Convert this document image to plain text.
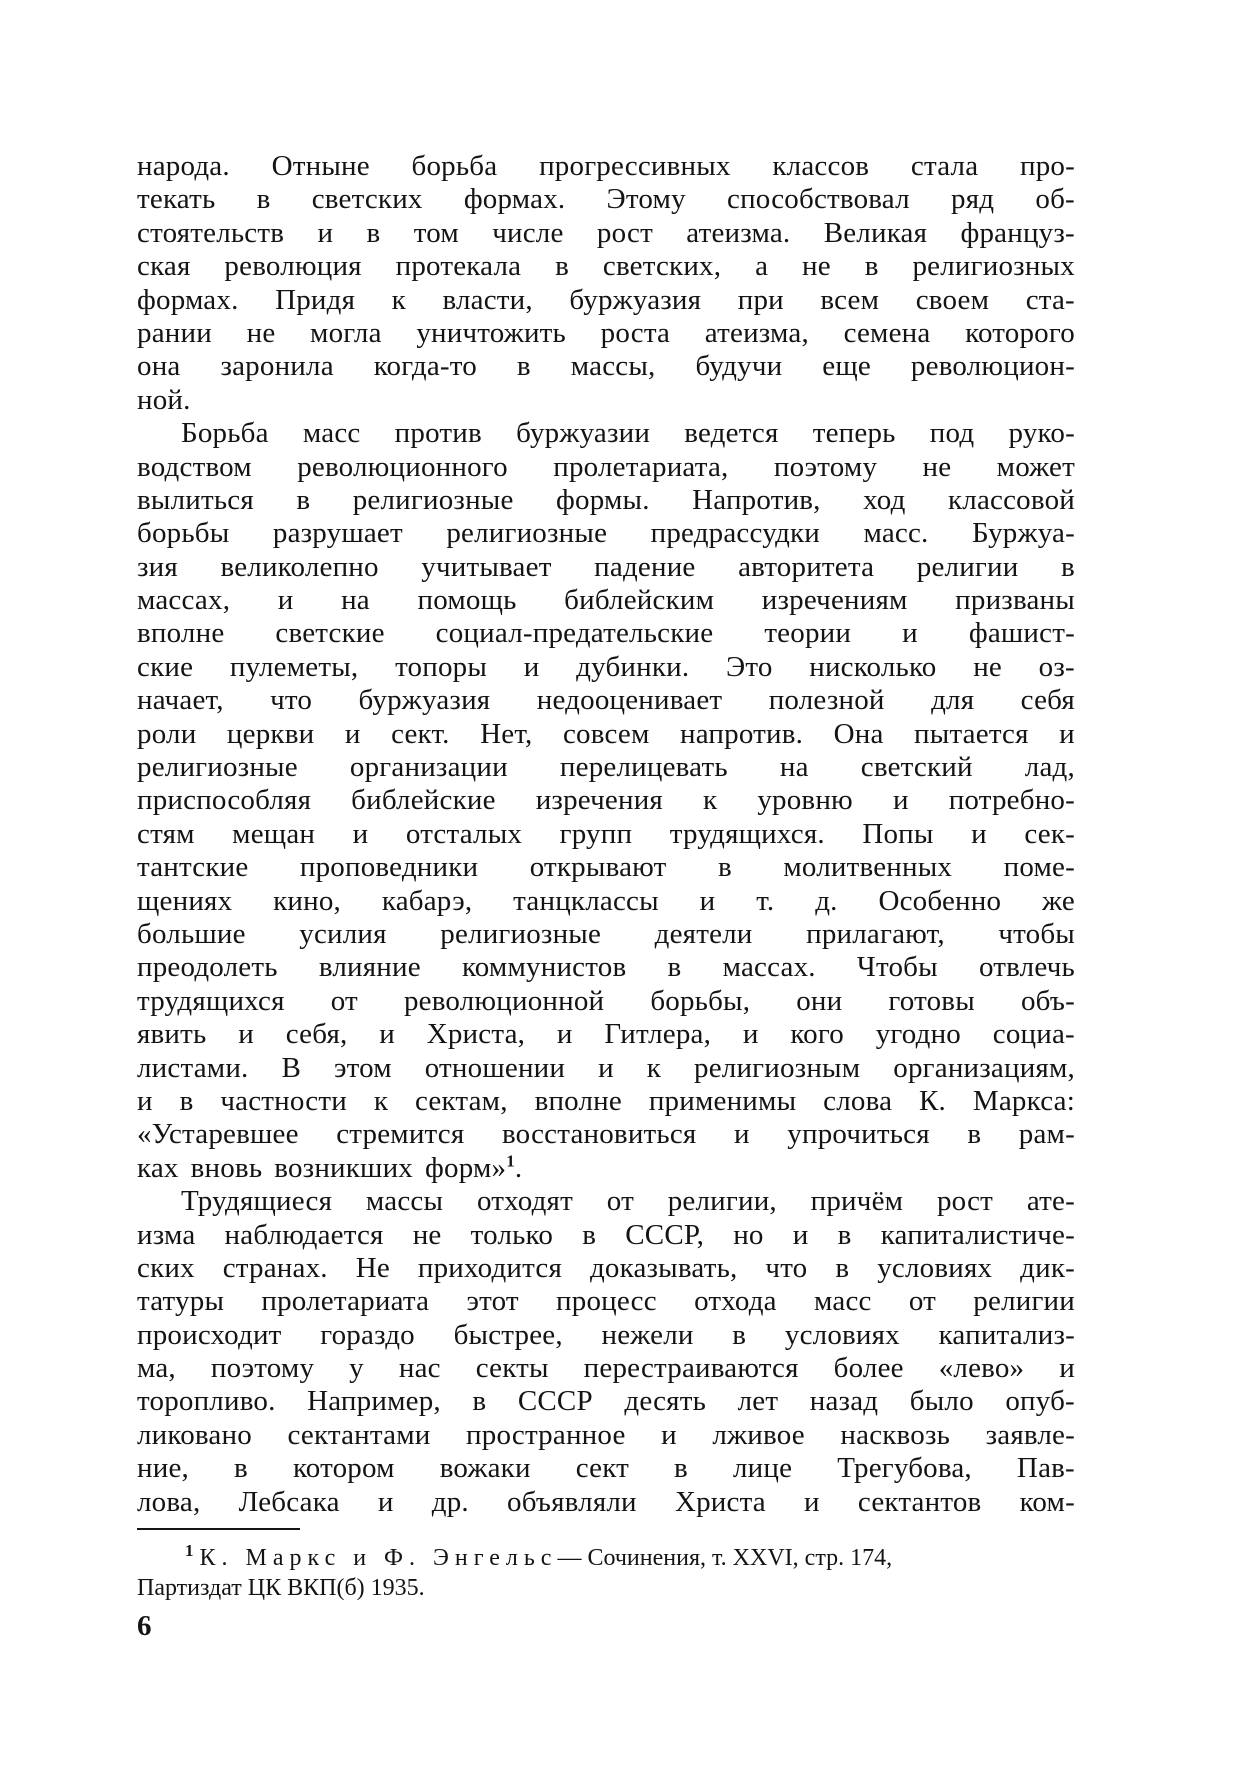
народа. Отныне борьба прогрессивных классов стала про-
текать в светских формах. Этому способствовал ряд об-
стоятельств и в том числе рост атеизма. Великая француз-
ская революция протекала в светских, а не в религиозных
формах. Придя к власти, буржуазия при всем своем ста-
рании не могла уничтожить роста атеизма, семена которого
она заронила когда-то в массы, будучи еще революцион-
ной.
Борьба масс против буржуазии ведется теперь под руко-
водством революционного пролетариата, поэтому не может
вылиться в религиозные формы. Напротив, ход классовой
борьбы разрушает религиозные предрассудки масс. Буржуа-
зия великолепно учитывает падение авторитета религии в
массах, и на помощь библейским изречениям призваны
вполне светские социал-предательские теории и фашист-
ские пулеметы, топоры и дубинки. Это нисколько не оз-
начает, что буржуазия недооценивает полезной для себя
роли церкви и сект. Нет, совсем напротив. Она пытается и
религиозные организации перелицевать на светский лад,
приспособляя библейские изречения к уровню и потребно-
стям мещан и отсталых групп трудящихся. Попы и сек-
тантские проповедники открывают в молитвенных поме-
щениях кино, кабарэ, танцклассы и т. д. Особенно же
большие усилия религиозные деятели прилагают, чтобы
преодолеть влияние коммунистов в массах. Чтобы отвлечь
трудящихся от революционной борьбы, они готовы объ-
явить и себя, и Христа, и Гитлера, и кого угодно социа-
листами. В этом отношении и к религиозным организациям,
и в частности к сектам, вполне применимы слова К. Маркса:
«Устаревшее стремится восстановиться и упрочиться в рам-
ках вновь возникших форм»$^1$.
Трудящиеся массы отходят от религии, причём рост ате-
изма наблюдается не только в СССР, но и в капиталистиче-
ских странах. Не приходится доказывать, что в условиях дик-
татуры пролетариата этот процесс отхода масс от религии
происходит гораздо быстрее, нежели в условиях капитализ-
ма, поэтому у нас секты перестраиваются более «лево» и
торопливо. Например, в СССР десять лет назад было опуб-
ликовано сектантами пространное и лживое насквозь заявле-
ние, в котором вожаки сект в лице Трегубова, Пав-
лова, Лебсака и др. объявляли Христа и сектантов ком-
$^1$ К. Маркс и Ф. Энгельс— Сочинения, т. XXVI, стр. 174,
Партиздат ЦК ВКП(б) 1935.
6
